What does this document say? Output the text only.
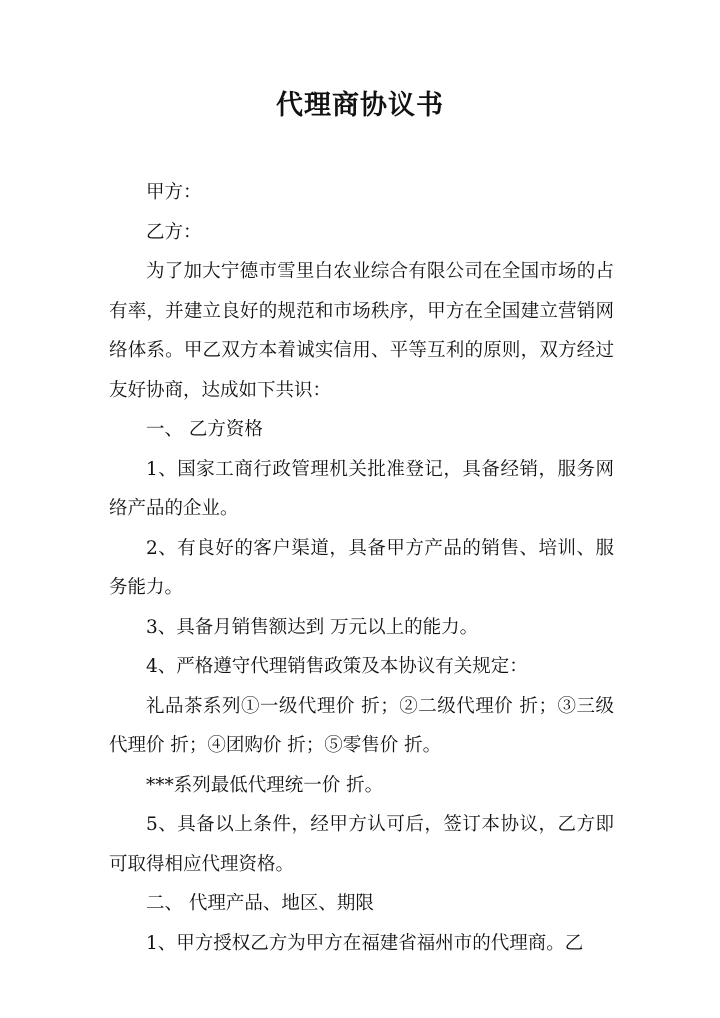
代理商协议书

甲方：

乙方：

为了加大宁德市雪里白农业综合有限公司在全国市场的占有率，并建立良好的规范和市场秩序，甲方在全国建立营销网络体系。甲乙双方本着诚实信用、平等互利的原则，双方经过友好协商，达成如下共识：

一、 乙方资格

1、国家工商行政管理机关批准登记，具备经销，服务网络产品的企业。

2、有良好的客户渠道，具备甲方产品的销售、培训、服务能力。

3、具备月销售额达到 万元以上的能力。

4、严格遵守代理销售政策及本协议有关规定：

礼品茶系列①一级代理价 折；②二级代理价 折；③三级代理价 折；④团购价 折；⑤零售价 折。

***系列最低代理统一价 折。

5、具备以上条件，经甲方认可后，签订本协议，乙方即可取得相应代理资格。

二、 代理产品、地区、期限

1、甲方授权乙方为甲方在福建省福州市的代理商。乙
